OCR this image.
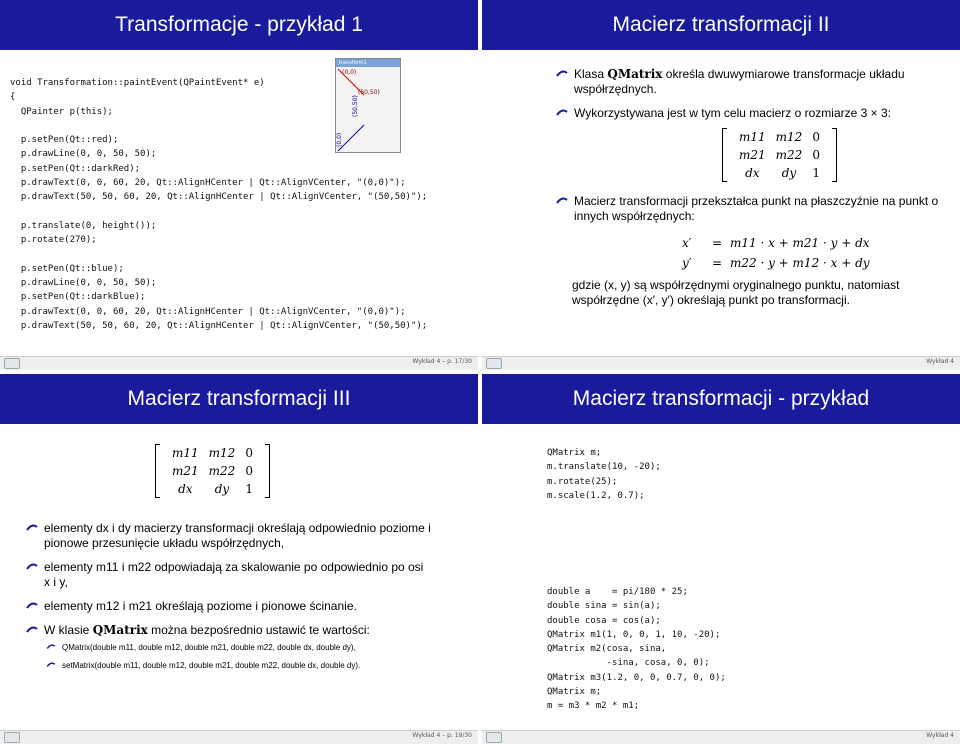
Transformacje - przykład 1
void Transformation::paintEvent(QPaintEvent* e)
{
QPainter p(this);

p.setPen(Qt::red);
p.drawLine(0, 0, 50, 50);
p.setPen(Qt::darkRed);
p.drawText(0, 0, 60, 20, Qt::AlignHCenter | Qt::AlignVCenter, "(0,0)");
p.drawText(50, 50, 60, 20, Qt::AlignHCenter | Qt::AlignVCenter, "(50,50)");

p.translate(0, height());
p.rotate(270);

p.setPen(Qt::blue);
p.drawLine(0, 0, 50, 50);
p.setPen(Qt::darkBlue);
p.drawText(0, 0, 60, 20, Qt::AlignHCenter | Qt::AlignVCenter, "(0,0)");
p.drawText(50, 50, 60, 20, Qt::AlignHCenter | Qt::AlignVCenter, "(50,50)");
transform1
(0,0)
(50,50)
(50,50)
(0,0)
Wykład 4 – p. 17/30
Macierz transformacji II
Klasa QMatrix określa dwuwymiarowe transformacje układu współrzędnych.
Wykorzystywana jest w tym celu macierz o rozmiarze 3 × 3:
m11	m12	0
m21	m22	0
dx	dy	1
Macierz transformacji przekształca punkt na płaszczyźnie na punkt o innych współrzędnych:
x′	= m11 · x + m21 · y + dx
y′	= m22 · y + m12 · x + dy
gdzie (x, y) są współrzędnymi oryginalnego punktu, natomiast współrzędne (x′, y′) określają punkt po transformacji.
Wykład 4
Macierz transformacji III
m11	m12	0
m21	m22	0
dx	dy	1
elementy dx i dy macierzy transformacji określają odpowiednio poziome i pionowe przesunięcie układu współrzędnych,
elementy m11 i m22 odpowiadają za skalowanie po odpowiednio po osi x i y,
elementy m12 i m21 określają poziome i pionowe ścinanie.
W klasie QMatrix można bezpośrednio ustawić te wartości:
QMatrix(double m11, double m12, double m21, double m22, double dx, double dy),
setMatrix(double m11, double m12, double m21, double m22, double dx, double dy).
Wykład 4 – p. 19/30
Macierz transformacji - przykład
QMatrix m;
m.translate(10, -20);
m.rotate(25);
m.scale(1.2, 0.7);
double a    = pi/180 * 25;
double sina = sin(a);
double cosa = cos(a);
QMatrix m1(1, 0, 0, 1, 10, -20);
QMatrix m2(cosa, sina,
-sina, cosa, 0, 0);
QMatrix m3(1.2, 0, 0, 0.7, 0, 0);
QMatrix m;
m = m3 * m2 * m1;
Wykład 4
